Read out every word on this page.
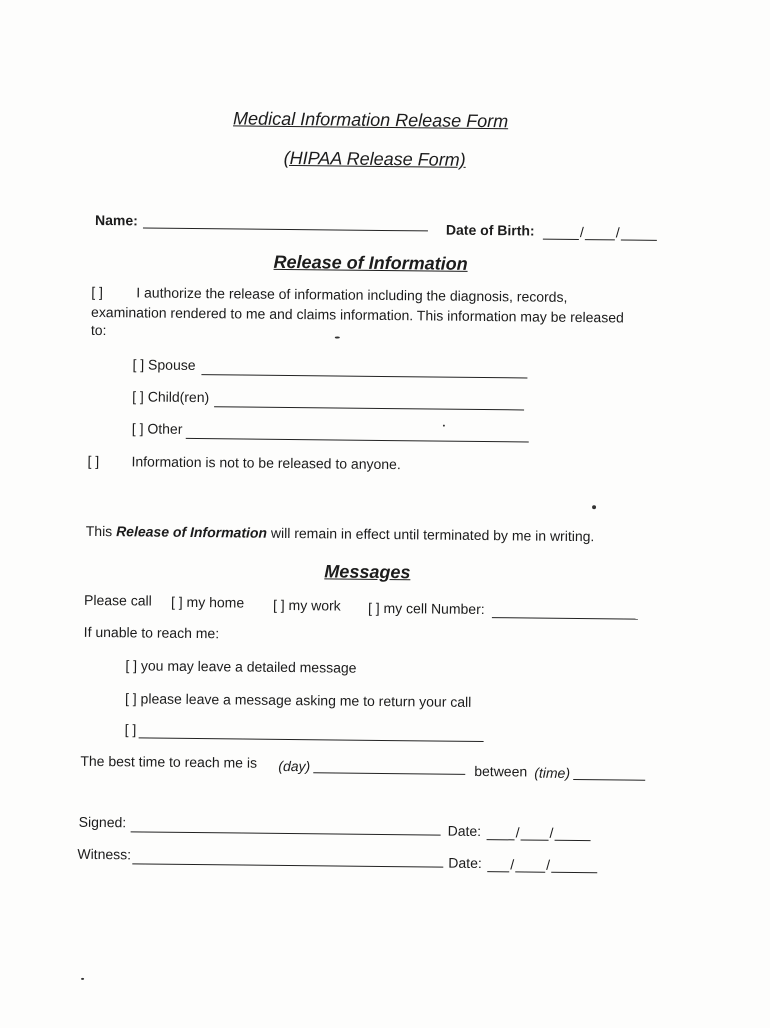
Medical Information Release Form
(HIPAA Release Form)
Name:
Date of Birth:	/ /
Release of Information
[ ] I authorize the release of information including the diagnosis, records,
examination rendered to me and claims information. This information may be released
to:
[ ] Spouse
[ ] Child(ren)
[ ] Other
[ ] Information is not to be released to anyone.
This Release of Information will remain in effect until terminated by me in writing.
Messages
Please call [ ] my home [ ] my work [ ] my cell Number:
If unable to reach me:
[ ] you may leave a detailed message
[ ] please leave a message asking me to return your call
[ ]
The best time to reach me is (day)	between (time)
Signed:
Date:	/ /
Witness:
Date:	/ /
